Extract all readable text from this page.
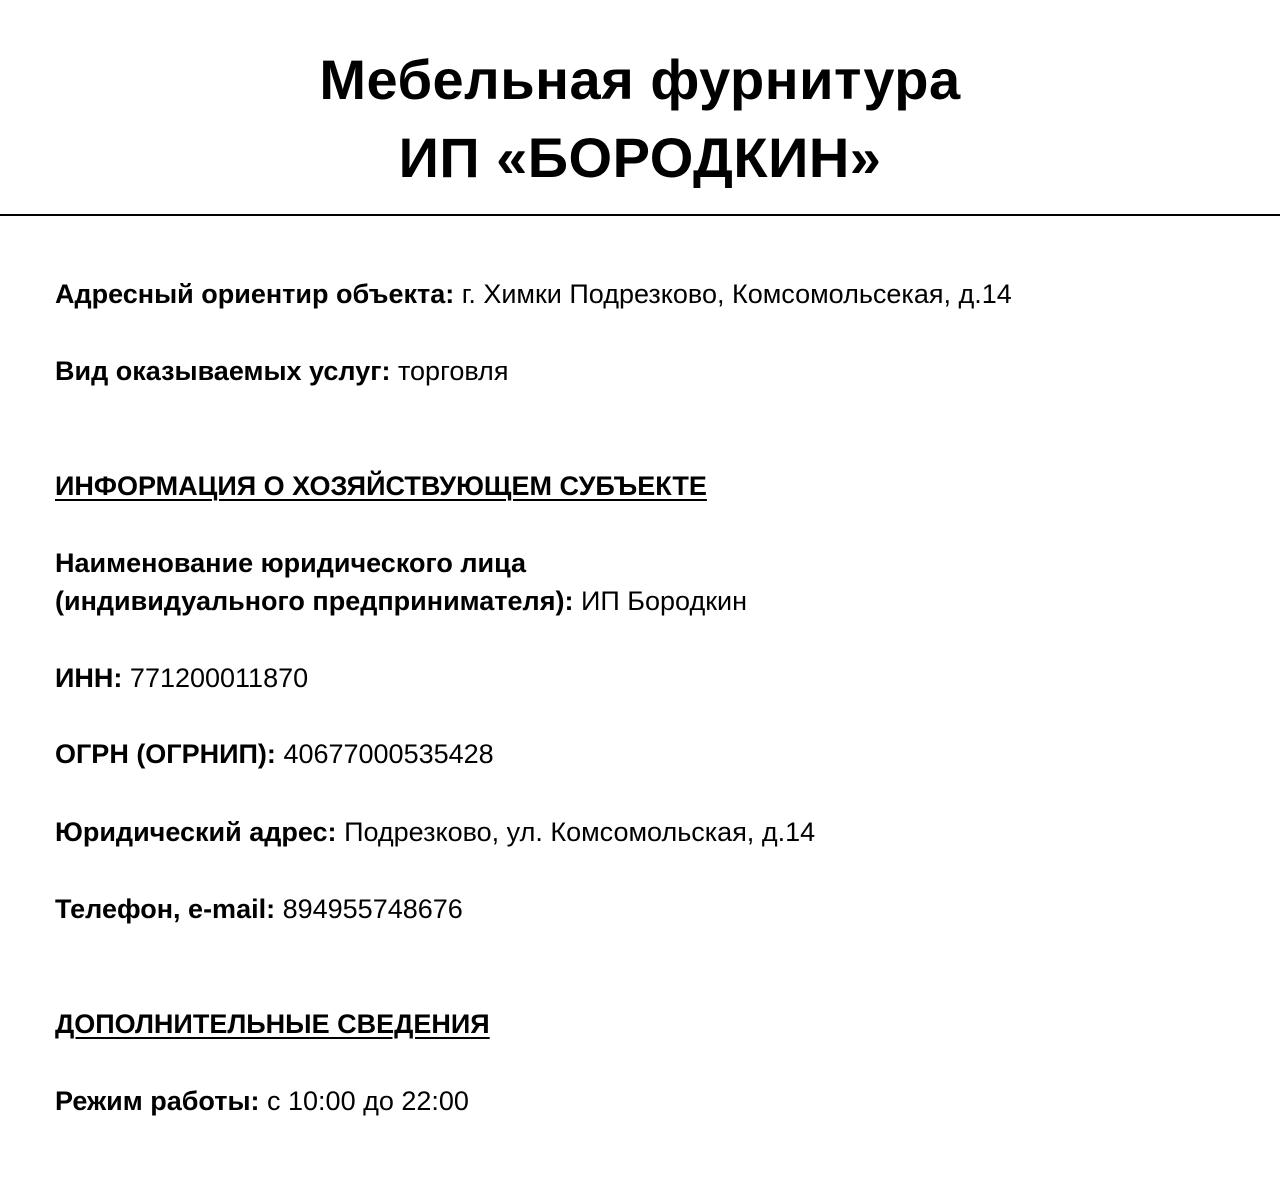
Мебельная фурнитура
ИП «БОРОДКИН»
Адресный ориентир объекта: г. Химки Подрезково, Комсомольсекая, д.14
Вид оказываемых услуг: торговля
ИНФОРМАЦИЯ О ХОЗЯЙСТВУЮЩЕМ СУБЪЕКТЕ
Наименование юридического лица
(индивидуального предпринимателя): ИП Бородкин
ИНН: 771200011870
ОГРН (ОГРНИП): 40677000535428
Юридический адрес: Подрезково, ул. Комсомольская, д.14
Телефон, e-mail: 894955748676
ДОПОЛНИТЕЛЬНЫЕ СВЕДЕНИЯ
Режим работы: с 10:00 до 22:00
